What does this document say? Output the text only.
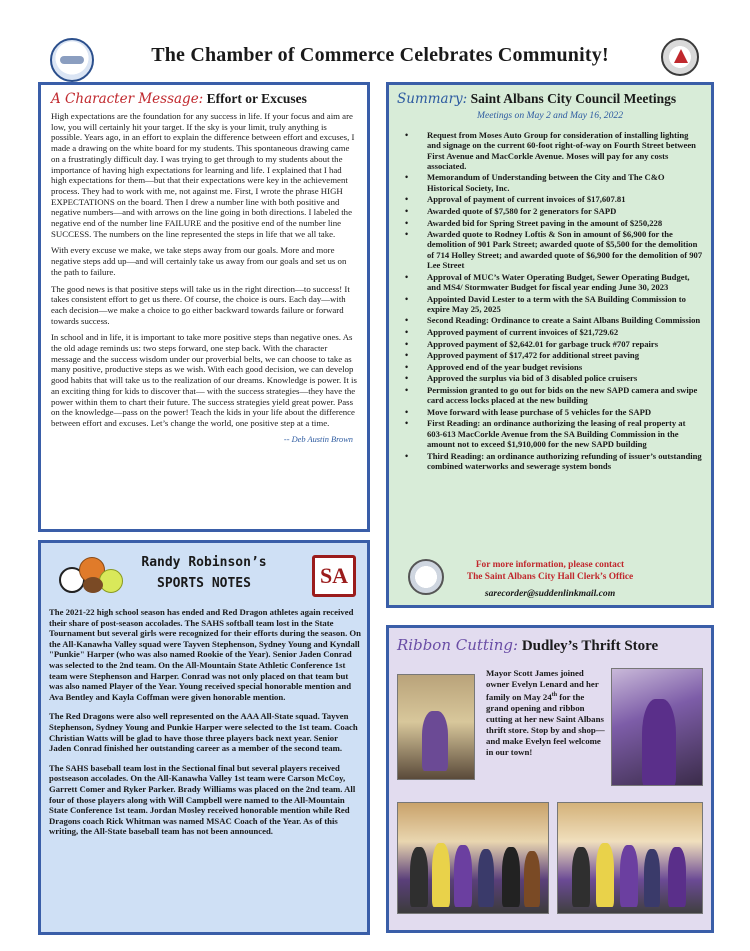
The Chamber of Commerce Celebrates Community!
A Character Message: Effort or Excuses

High expectations are the foundation for any success in life. If your focus and aim are low, you will certainly hit your target. If the sky is your limit, truly anything is possible. Years ago, in an effort to explain the difference between effort and excuses, I made a drawing on the white board for my students. This spontaneous drawing came on a frustratingly difficult day. I was trying to get through to my students about the importance of having high expectations for learning and life. I explained that I had high expectations for them—but that their expectations were key in the achievement process. They had to work with me, not against me. First, I wrote the phrase HIGH EXPECTATIONS on the board. Then I drew a number line with both positive and negative numbers—and with arrows on the line going in both directions. I labeled the negative end of the number line FAILURE and the positive end of the number line SUCCESS. The numbers on the line represented the steps in life that we all take.

With every excuse we make, we take steps away from our goals. More and more negative steps add up—and will certainly take us away from our goals and set us on the path to failure.

The good news is that positive steps will take us in the right direction—to success! It takes consistent effort to get us there. Of course, the choice is ours. Each day—with each decision—we make a choice to go either backward towards failure or forward towards success.

In school and in life, it is important to take more positive steps than negative ones. As the old adage reminds us: two steps forward, one step back. With the character message and the success wisdom under our proverbial belts, we can choose to take as many positive, productive steps as we wish. With each good decision, we can develop good habits that will take us to the realization of our dreams. Knowledge is power. It is an exciting thing for kids to discover that— with the success strategies—they have the power within them to chart their future. The success strategies yield great power. Pass on the knowledge—pass on the power! Teach the kids in your life about the difference between effort and excuses. Let’s change the world, one positive step at a time.

-- Deb Austin Brown
Summary: Saint Albans City Council Meetings
Meetings on May 2 and May 16, 2022
• Request from Moses Auto Group for consideration of installing lighting and signage on the current 60-foot right-of-way on Fourth Street between First Avenue and MacCorkle Avenue. Moses will pay for any costs associated.
• Memorandum of Understanding between the City and The C&O Historical Society, Inc.
• Approval of payment of current invoices of $17,607.81
• Awarded quote of $7,580 for 2 generators for SAPD
• Awarded bid for Spring Street paving in the amount of $250,228
• Awarded quote to Rodney Loftis & Son in amount of $6,900 for the demolition of 901 Park Street; awarded quote of $5,500 for the demolition of 714 Holley Street; and awarded quote of $6,900 for the demolition of 907 Lee Street
• Approval of MUC’s Water Operating Budget, Sewer Operating Budget, and MS4/ Stormwater Budget for fiscal year ending June 30, 2023
• Appointed David Lester to a term with the SA Building Commission to expire May 25, 2025
• Second Reading: Ordinance to create a Saint Albans Building Commission
• Approved payment of current invoices of $21,729.62
• Approved payment of $2,642.01 for garbage truck #707 repairs
• Approved payment of $17,472 for additional street paving
• Approved end of the year budget revisions
• Approved the surplus via bid of 3 disabled police cruisers
• Permission granted to go out for bids on the new SAPD camera and swipe card access locks placed at the new building
• Move forward with lease purchase of 5 vehicles for the SAPD
• First Reading: an ordinance authorizing the leasing of real property at 603-613 MacCorkle Avenue from the SA Building Commission in the amount not to exceed $1,910,000 for the new SAPD building
• Third Reading: an ordinance authorizing refunding of issuer’s outstanding combined waterworks and sewerage system bonds
For more information, please contact
The Saint Albans City Hall Clerk’s Office
sarecorder@suddenlinkmail.com
Randy Robinson’s
SPORTS NOTES	SA

The 2021-22 high school season has ended and Red Dragon athletes again received their share of post-season accolades. The SAHS softball team lost in the State Tournament but several girls were recognized for their efforts during the season. On the All-Kanawha Valley squad were Tayven Stephenson, Sydney Young and Kyndall "Punkie" Harper (who was also named Rookie of the Year). Senior Jaden Conrad was selected to the 2nd team. On the All-Mountain State Athletic Conference 1st team were Stephenson and Harper. Conrad was not only placed on that team but was also named Player of the Year. Young received special honorable mention and Ava Bentley and Kayla Coffman were given honorable mention.

The Red Dragons were also well represented on the AAA All-State squad. Tayven Stephenson, Sydney Young and Punkie Harper were selected to the 1st team. Coach Christian Watts will be glad to have those three players back next year. Senior Jaden Conrad finished her outstanding career as a member of the second team.

The SAHS baseball team lost in the Sectional final but several players received postseason accolades. On the All-Kanawha Valley 1st team were Carson McCoy, Garrett Comer and Ryker Parker. Brady Williams was placed on the 2nd team. All four of those players along with Will Campbell were named to the All-Mountain State Conference 1st team. Jordan Mosley received honorable mention while Red Dragons coach Rick Whitman was named MSAC Coach of the Year. As of this writing, the All-State baseball team has not been announced.

Ribbon Cutting: Dudley’s Thrift Store
Mayor Scott James joined owner Evelyn Lenard and her family on May 24th for the grand opening and ribbon cutting at her new Saint Albans thrift store. Stop by and shop—and make Evelyn feel welcome in our town!
